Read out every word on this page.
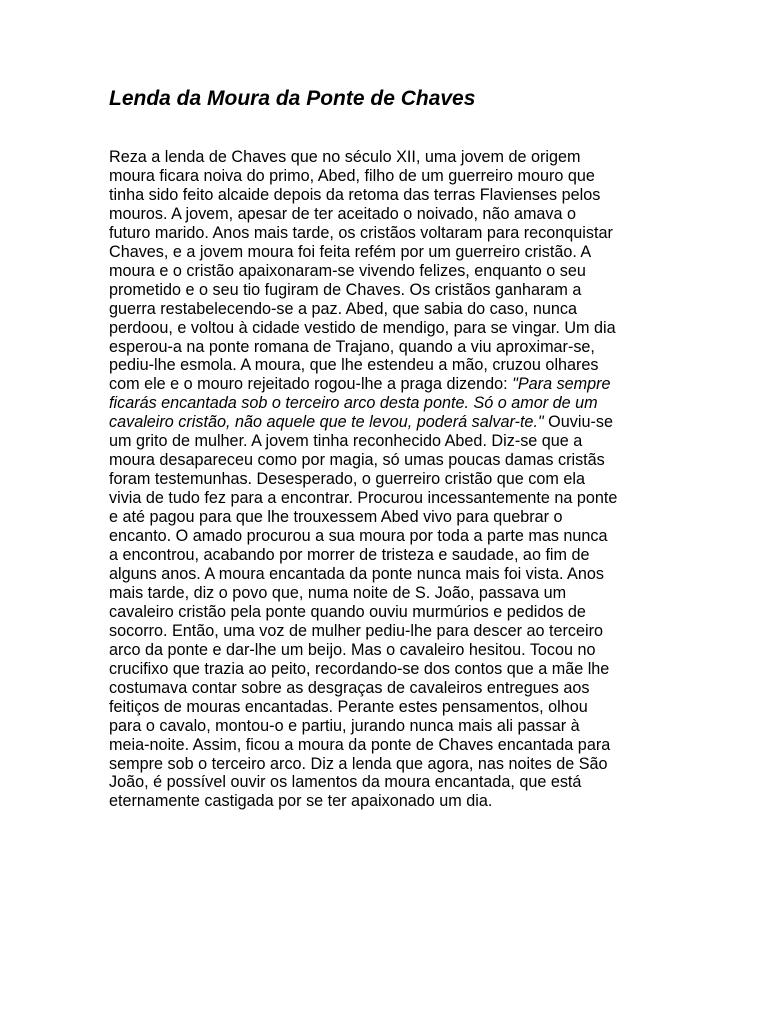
Lenda da Moura da Ponte de Chaves
Reza a lenda de Chaves que no século XII, uma jovem de origem
moura ficara noiva do primo, Abed, filho de um guerreiro mouro que
tinha sido feito alcaide depois da retoma das terras Flavienses pelos
mouros. A jovem, apesar de ter aceitado o noivado, não amava o
futuro marido. Anos mais tarde, os cristãos voltaram para reconquistar
Chaves, e a jovem moura foi feita refém por um guerreiro cristão. A
moura e o cristão apaixonaram-se vivendo felizes, enquanto o seu
prometido e o seu tio fugiram de Chaves. Os cristãos ganharam a
guerra restabelecendo-se a paz. Abed, que sabia do caso, nunca
perdoou, e voltou à cidade vestido de mendigo, para se vingar. Um dia
esperou-a na ponte romana de Trajano, quando a viu aproximar-se,
pediu-lhe esmola. A moura, que lhe estendeu a mão, cruzou olhares
com ele e o mouro rejeitado rogou-lhe a praga dizendo: "Para sempre
ficarás encantada sob o terceiro arco desta ponte. Só o amor de um
cavaleiro cristão, não aquele que te levou, poderá salvar-te." Ouviu-se
um grito de mulher. A jovem tinha reconhecido Abed. Diz-se que a
moura desapareceu como por magia, só umas poucas damas cristãs
foram testemunhas. Desesperado, o guerreiro cristão que com ela
vivia de tudo fez para a encontrar. Procurou incessantemente na ponte
e até pagou para que lhe trouxessem Abed vivo para quebrar o
encanto. O amado procurou a sua moura por toda a parte mas nunca
a encontrou, acabando por morrer de tristeza e saudade, ao fim de
alguns anos. A moura encantada da ponte nunca mais foi vista. Anos
mais tarde, diz o povo que, numa noite de S. João, passava um
cavaleiro cristão pela ponte quando ouviu murmúrios e pedidos de
socorro. Então, uma voz de mulher pediu-lhe para descer ao terceiro
arco da ponte e dar-lhe um beijo. Mas o cavaleiro hesitou. Tocou no
crucifixo que trazia ao peito, recordando-se dos contos que a mãe lhe
costumava contar sobre as desgraças de cavaleiros entregues aos
feitiços de mouras encantadas. Perante estes pensamentos, olhou
para o cavalo, montou-o e partiu, jurando nunca mais ali passar à
meia-noite. Assim, ficou a moura da ponte de Chaves encantada para
sempre sob o terceiro arco. Diz a lenda que agora, nas noites de São
João, é possível ouvir os lamentos da moura encantada, que está
eternamente castigada por se ter apaixonado um dia.
